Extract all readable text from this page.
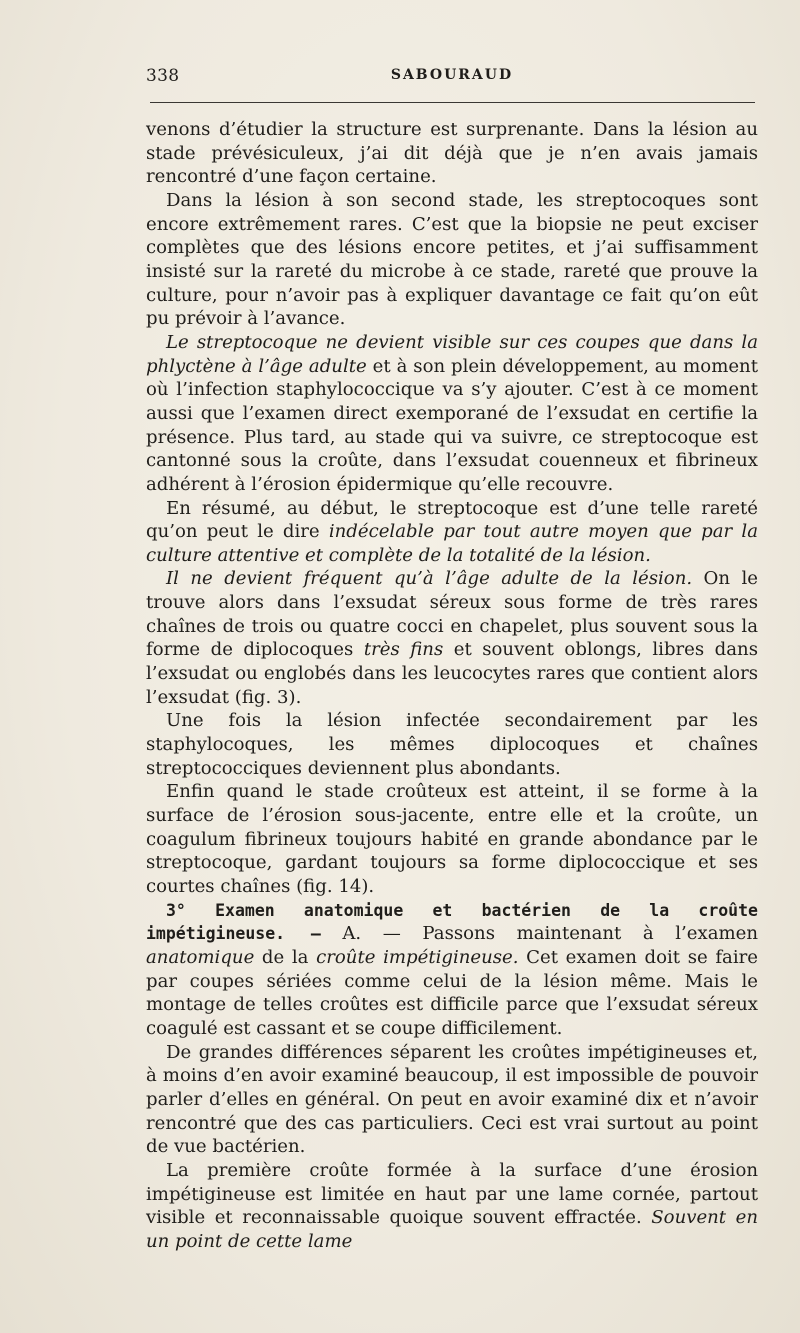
338	SABOURAUD

venons d’étudier la structure est surprenante. Dans la lésion au stade prévésiculeux, j’ai dit déjà que je n’en avais jamais rencontré d’une façon certaine.

Dans la lésion à son second stade, les streptocoques sont encore extrêmement rares. C’est que la biopsie ne peut exciser complètes que des lésions encore petites, et j’ai suffisamment insisté sur la rareté du microbe à ce stade, rareté que prouve la culture, pour n’avoir pas à expliquer davantage ce fait qu’on eût pu prévoir à l’avance.

Le streptocoque ne devient visible sur ces coupes que dans la phlyctène à l’âge adulte et à son plein développement, au moment où l’infection staphylococcique va s’y ajouter. C’est à ce moment aussi que l’examen direct exemporané de l’exsudat en certifie la présence. Plus tard, au stade qui va suivre, ce streptocoque est cantonné sous la croûte, dans l’exsudat couenneux et fibrineux adhérent à l’érosion épidermique qu’elle recouvre.

En résumé, au début, le streptocoque est d’une telle rareté qu’on peut le dire indécelable par tout autre moyen que par la culture attentive et complète de la totalité de la lésion.

Il ne devient fréquent qu’à l’âge adulte de la lésion. On le trouve alors dans l’exsudat séreux sous forme de très rares chaînes de trois ou quatre cocci en chapelet, plus souvent sous la forme de diplocoques très fins et souvent oblongs, libres dans l’exsudat ou englobés dans les leucocytes rares que contient alors l’exsudat (fig. 3).

Une fois la lésion infectée secondairement par les staphylocoques, les mêmes diplocoques et chaînes streptococciques deviennent plus abondants.

Enfin quand le stade croûteux est atteint, il se forme à la surface de l’érosion sous-jacente, entre elle et la croûte, un coagulum fibrineux toujours habité en grande abondance par le streptocoque, gardant toujours sa forme diplococcique et ses courtes chaînes (fig. 14).

3° Examen anatomique et bactérien de la croûte impétigineuse. — A. — Passons maintenant à l’examen anatomique de la croûte impétigineuse. Cet examen doit se faire par coupes sériées comme celui de la lésion même. Mais le montage de telles croûtes est difficile parce que l’exsudat séreux coagulé est cassant et se coupe difficilement.

De grandes différences séparent les croûtes impétigineuses et, à moins d’en avoir examiné beaucoup, il est impossible de pouvoir parler d’elles en général. On peut en avoir examiné dix et n’avoir rencontré que des cas particuliers. Ceci est vrai surtout au point de vue bactérien.

La première croûte formée à la surface d’une érosion impétigineuse est limitée en haut par une lame cornée, partout visible et reconnaissable quoique souvent effractée. Souvent en un point de cette lame
